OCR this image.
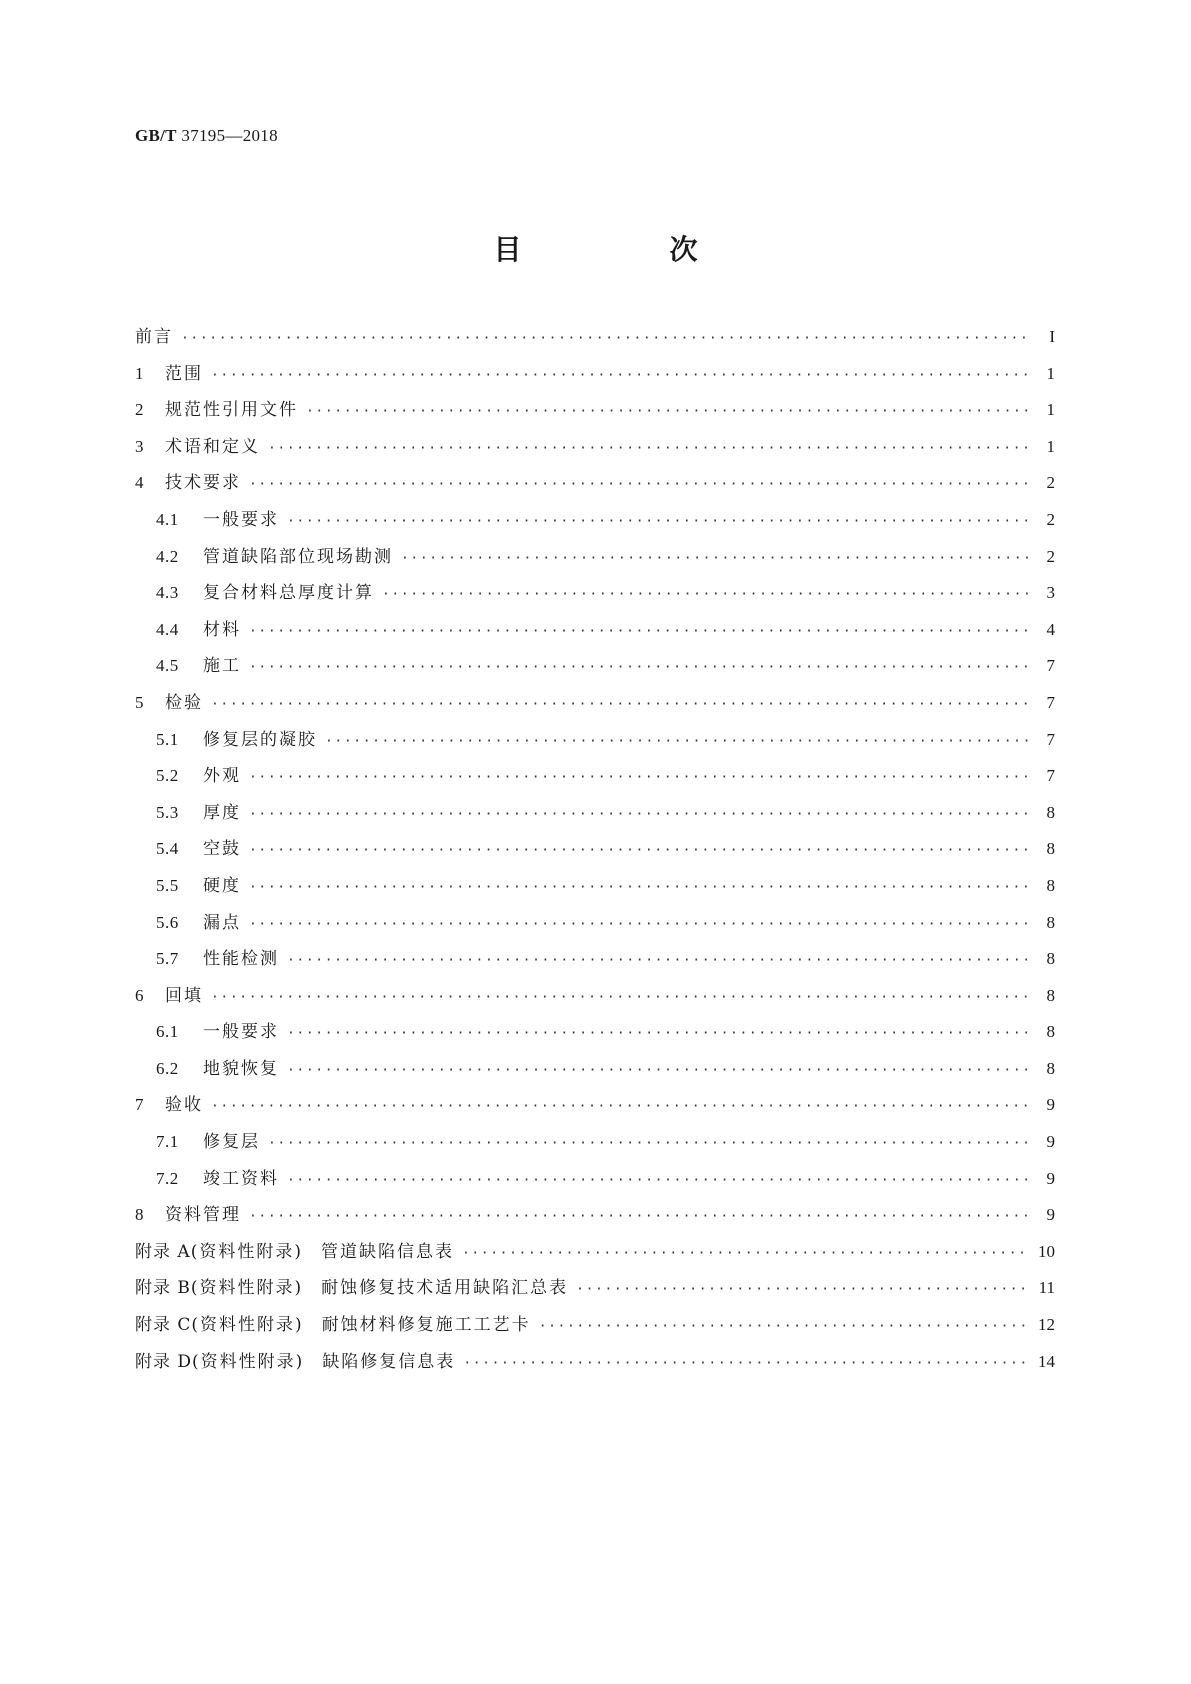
GB/T 37195—2018
目　次
前言 ·····	I
1	范围 ·····	1
2	规范性引用文件 ·····	1
3	术语和定义 ·····	1
4	技术要求 ·····	2
4.1	一般要求 ·····	2
4.2	管道缺陷部位现场勘测 ·····	2
4.3	复合材料总厚度计算 ·····	3
4.4	材料 ·····	4
4.5	施工 ·····	7
5	检验 ·····	7
5.1	修复层的凝胶 ·····	7
5.2	外观 ·····	7
5.3	厚度 ·····	8
5.4	空鼓 ·····	8
5.5	硬度 ·····	8
5.6	漏点 ·····	8
5.7	性能检测 ·····	8
6	回填 ·····	8
6.1	一般要求 ·····	8
6.2	地貌恢复 ·····	8
7	验收 ·····	9
7.1	修复层 ·····	9
7.2	竣工资料 ·····	9
8	资料管理 ·····	9
附录 A (资料性附录)	管道缺陷信息表 ·····	10
附录 B (资料性附录)	耐蚀修复技术适用缺陷汇总表 ·····	11
附录 C (资料性附录)	耐蚀材料修复施工工艺卡 ·····	12
附录 D (资料性附录)	缺陷修复信息表 ·····	14
